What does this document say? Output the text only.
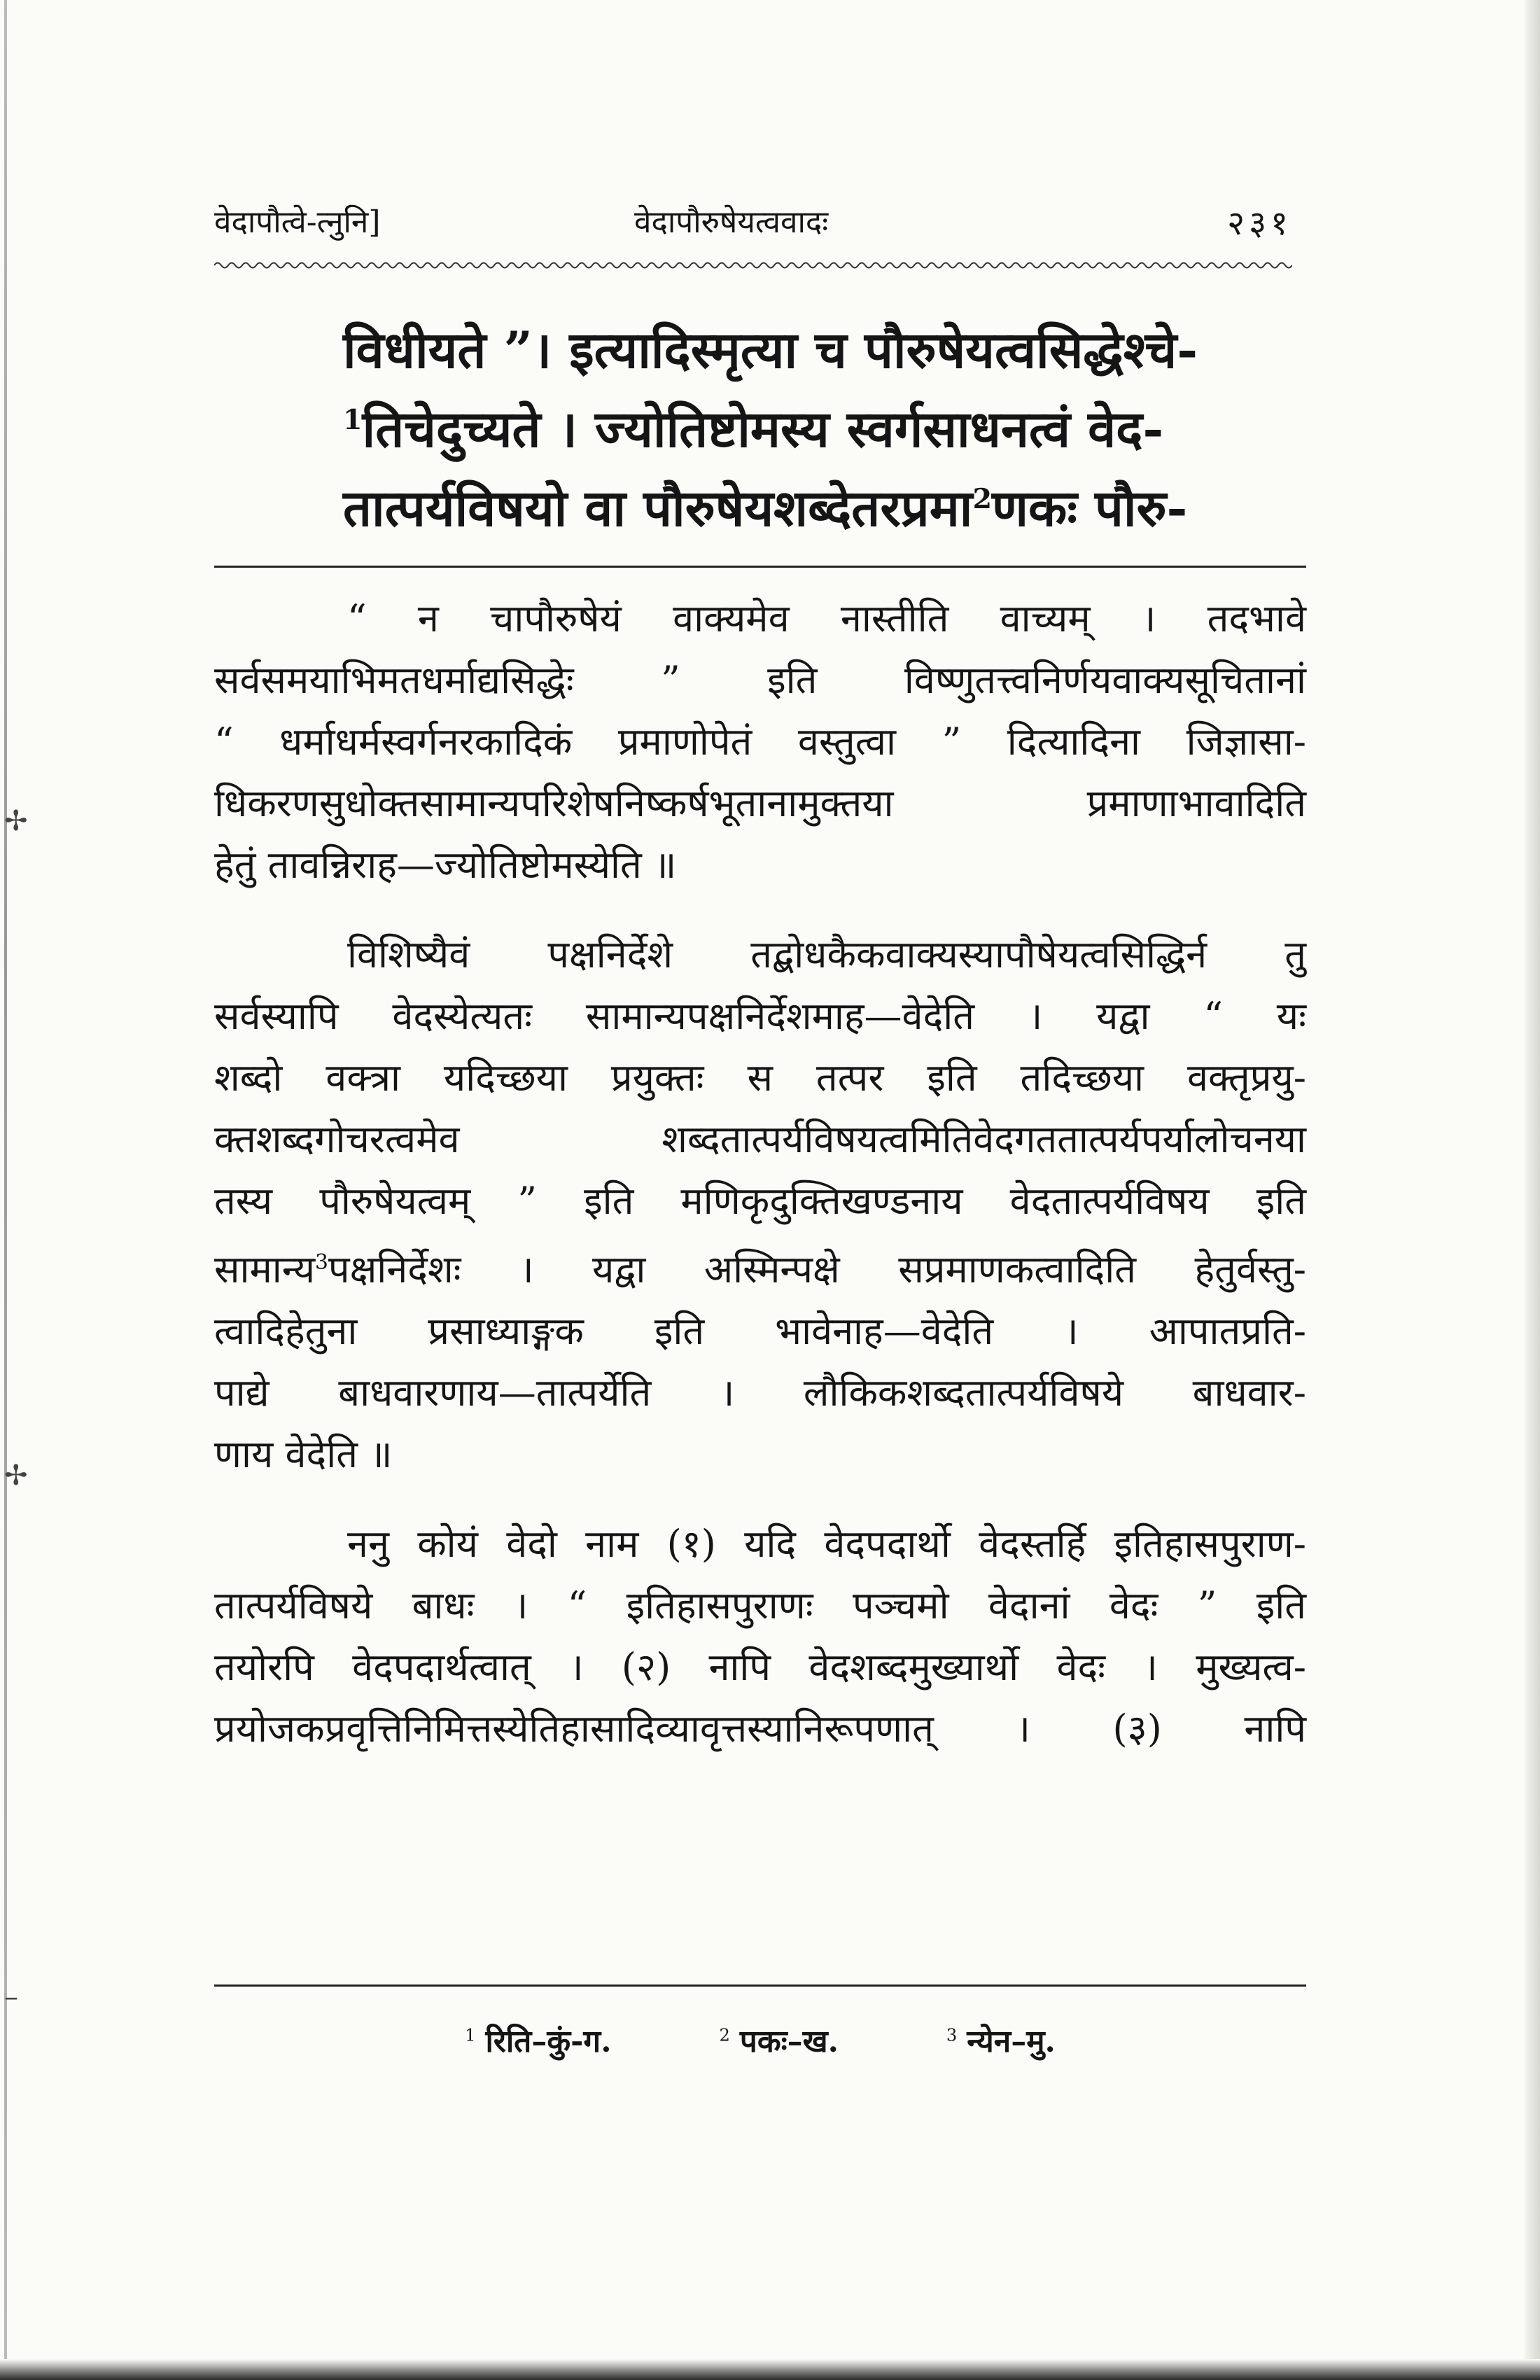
✢
✢
–
वेदापौत्वे-त्नुनि]	वेदापौरुषेयत्ववादः	२३१
विधीयते ”। इत्यादिस्मृत्या च पौरुषेयत्वसिद्धेश्चे-
$^1$तिचेदुच्यते । ज्योतिष्टोमस्य स्वर्गसाधनत्वं वेद-
तात्पर्यविषयो वा पौरुषेयशब्देतरप्रमा$^2$णकः पौरु-
“ न चापौरुषेयं वाक्यमेव नास्तीति वाच्यम् । तदभावे
सर्वसमयाभिमतधर्माद्यसिद्धेः ” इति विष्णुतत्त्वनिर्णयवाक्यसूचितानां
“ धर्माधर्मस्वर्गनरकादिकं प्रमाणोपेतं वस्तुत्वा ” दित्यादिना जिज्ञासा-
धिकरणसुधोक्तसामान्यपरिशेषनिष्कर्षभूतानामुक्तया प्रमाणाभावादिति
हेतुं तावन्निराह—ज्योतिष्टोमस्येति ॥
विशिष्यैवं पक्षनिर्देशे तद्बोधकैकवाक्यस्यापौषेयत्वसिद्धिर्न तु
सर्वस्यापि वेदस्येत्यतः सामान्यपक्षनिर्देशमाह—वेदेति । यद्वा “ यः
शब्दो वक्त्रा यदिच्छया प्रयुक्तः स तत्पर इति तदिच्छया वक्तृप्रयु-
क्तशब्दगोचरत्वमेव शब्दतात्पर्यविषयत्वमितिवेदगततात्पर्यपर्यालोचनया
तस्य पौरुषेयत्वम् ” इति मणिकृदुक्तिखण्डनाय वेदतात्पर्यविषय इति
सामान्य$^3$पक्षनिर्देशः । यद्वा अस्मिन्पक्षे सप्रमाणकत्वादिति हेतुर्वस्तु-
त्वादिहेतुना प्रसाध्याङ्गक इति भावेनाह—वेदेति । आपातप्रति-
पाद्ये बाधवारणाय—तात्पर्येति । लौकिकशब्दतात्पर्यविषये बाधवार-
णाय वेदेति ॥
ननु कोयं वेदो नाम (१) यदि वेदपदार्थो वेदस्तर्हि इतिहासपुराण-
तात्पर्यविषये बाधः । “ इतिहासपुराणः पञ्चमो वेदानां वेदः ” इति
तयोरपि वेदपदार्थत्वात् । (२) नापि वेदशब्दमुख्यार्थो वेदः । मुख्यत्व-
प्रयोजकप्रवृत्तिनिमित्तस्येतिहासादिव्यावृत्तस्यानिरूपणात् । (३) नापि
$^1$ रिति–कुं-ग.	$^2$ पकः–ख.	$^3$ न्येन–मु.
